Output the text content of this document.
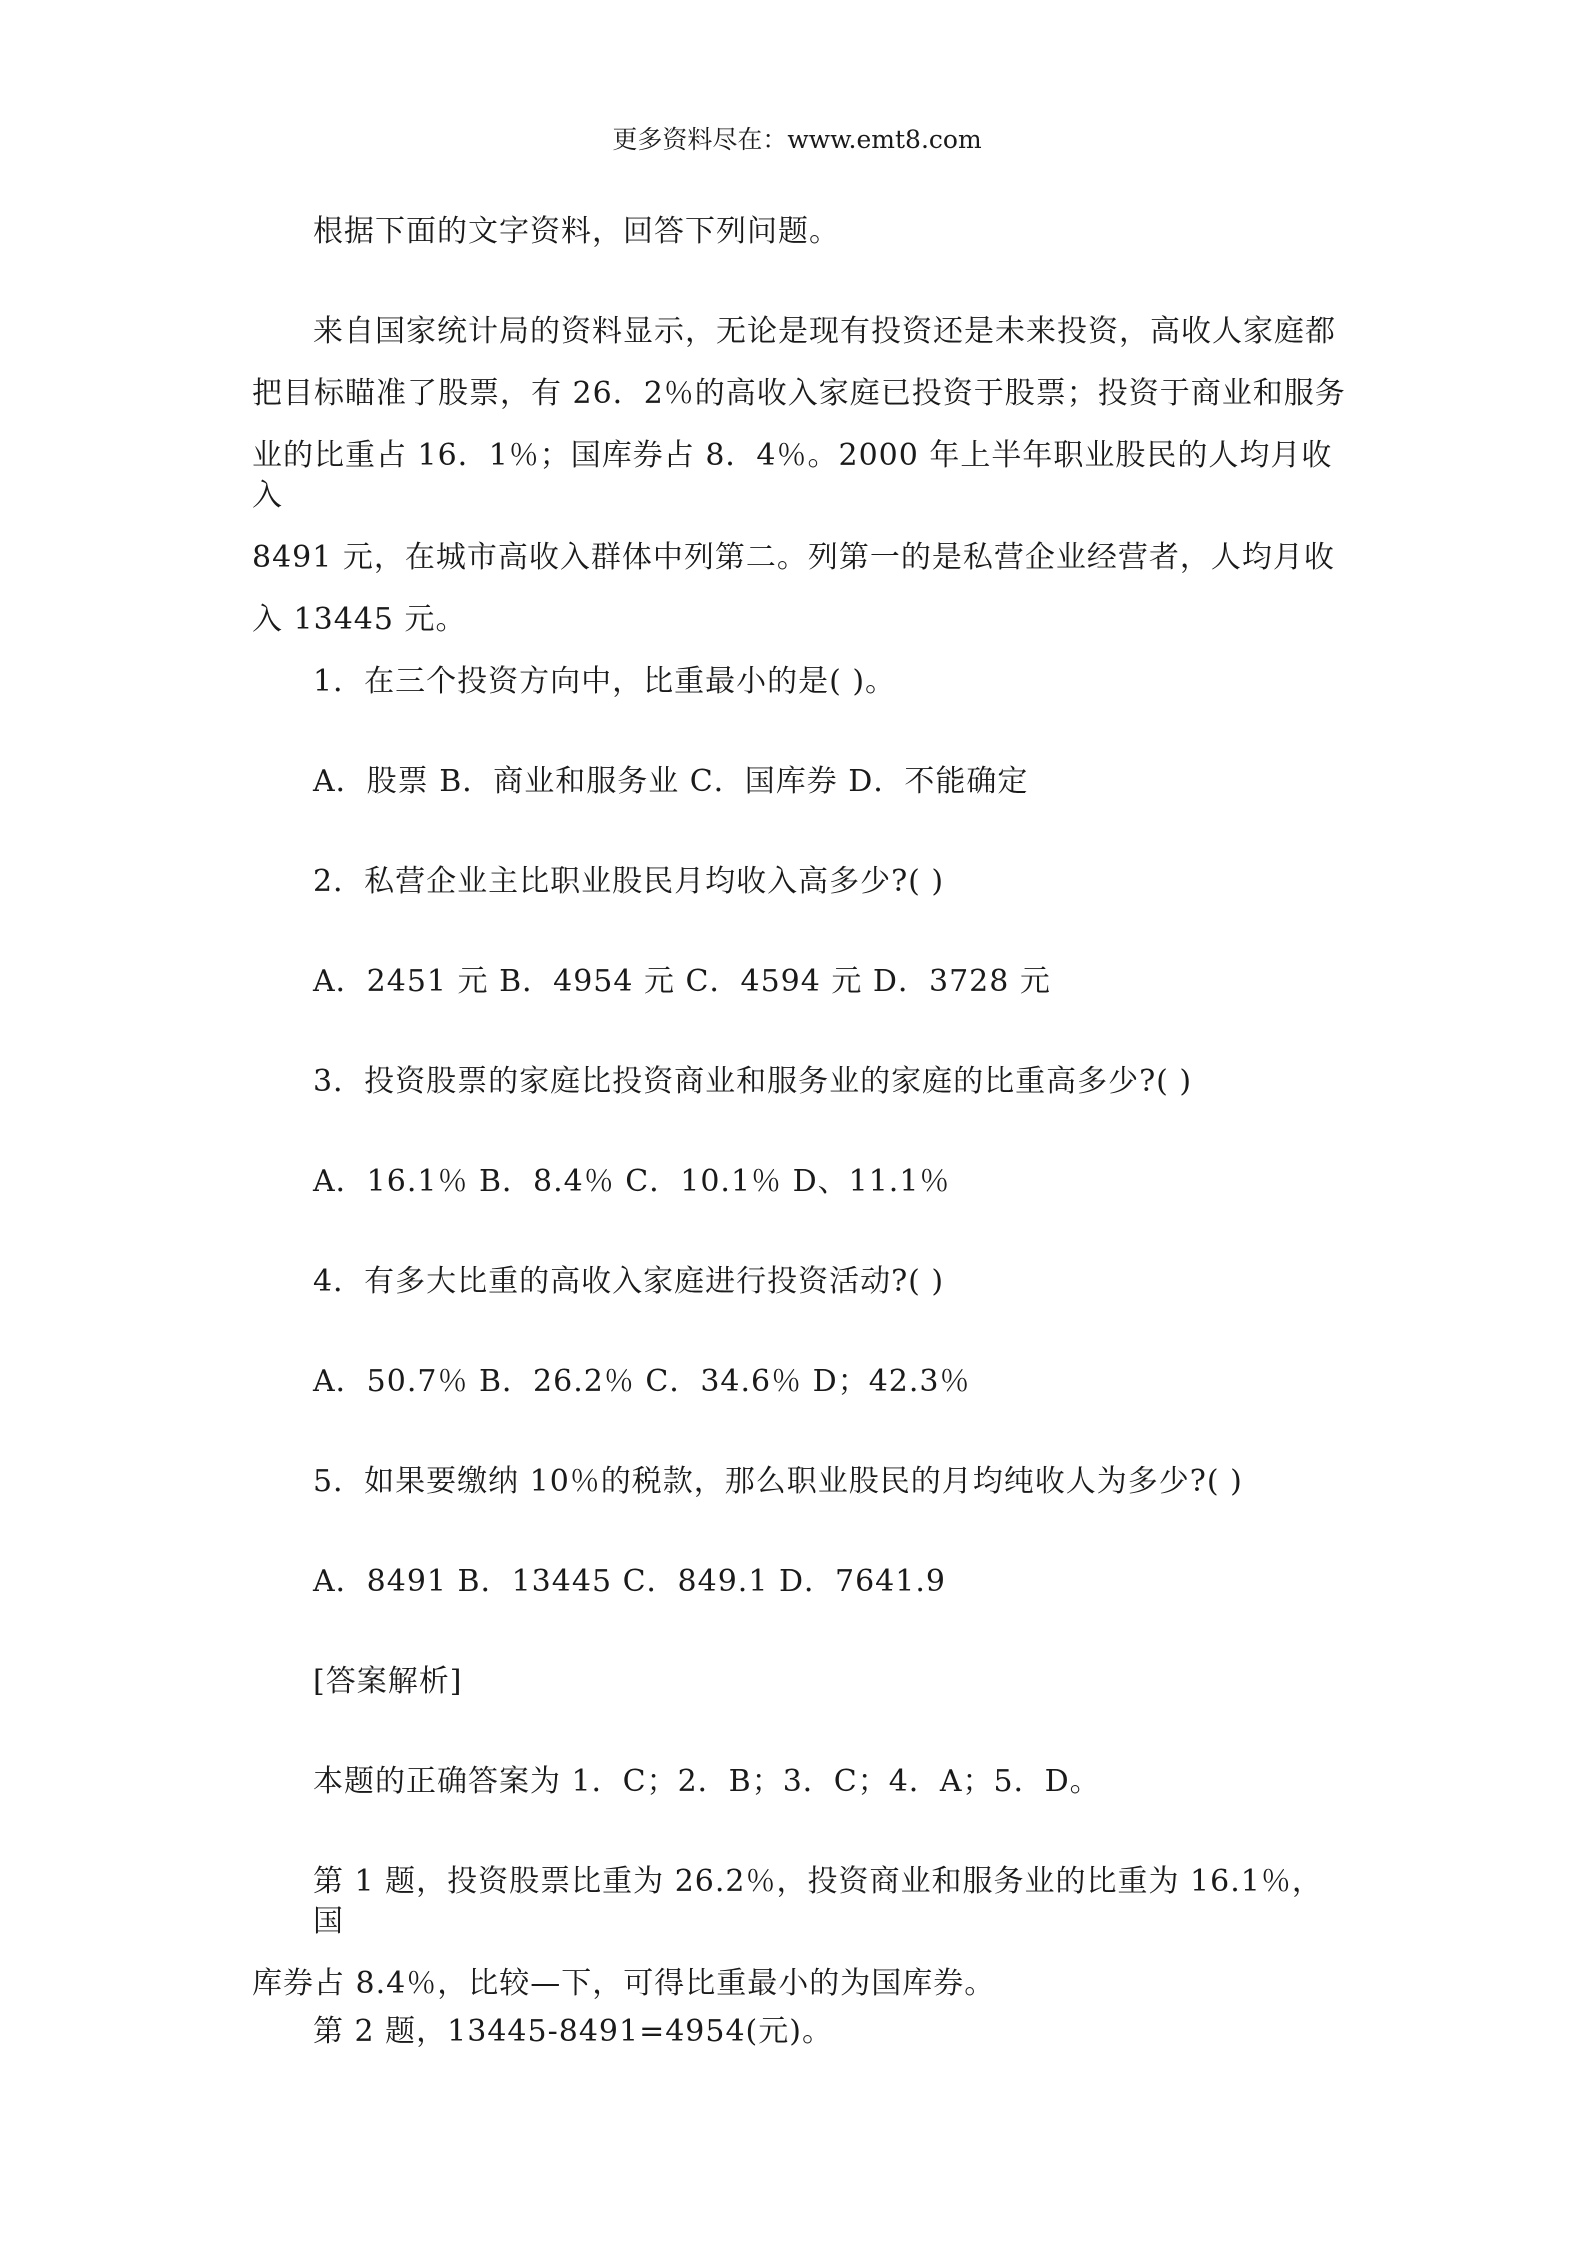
更多资料尽在：www.emt8.com
根据下面的文字资料，回答下列问题。
来自国家统计局的资料显示，无论是现有投资还是未来投资，高收人家庭都
把目标瞄准了股票，有 26．2％的高收入家庭已投资于股票；投资于商业和服务
业的比重占 16．1％；国库券占 8．4％。2000 年上半年职业股民的人均月收入
8491 元，在城市高收入群体中列第二。列第一的是私营企业经营者，人均月收
入 13445 元。
1．在三个投资方向中，比重最小的是( )。
A．股票 B．商业和服务业 C．国库券 D．不能确定
2．私营企业主比职业股民月均收入高多少?( )
A．2451 元 B．4954 元 C．4594 元 D．3728 元
3．投资股票的家庭比投资商业和服务业的家庭的比重高多少?( )
A．16.1％ B．8.4％ C．10.1％ D、11.1％
4．有多大比重的高收入家庭进行投资活动?( )
A．50.7％ B．26.2％ C．34.6％ D；42.3％
5．如果要缴纳 10％的税款，那么职业股民的月均纯收人为多少?( )
A．8491 B．13445 C．849.1 D．7641.9
[答案解析]
本题的正确答案为 1．C；2．B；3．C；4．A；5．D。
第 1 题，投资股票比重为 26.2％，投资商业和服务业的比重为 16.1％，国
库券占 8.4％，比较—下，可得比重最小的为国库券。
第 2 题，13445-8491=4954(元)。
